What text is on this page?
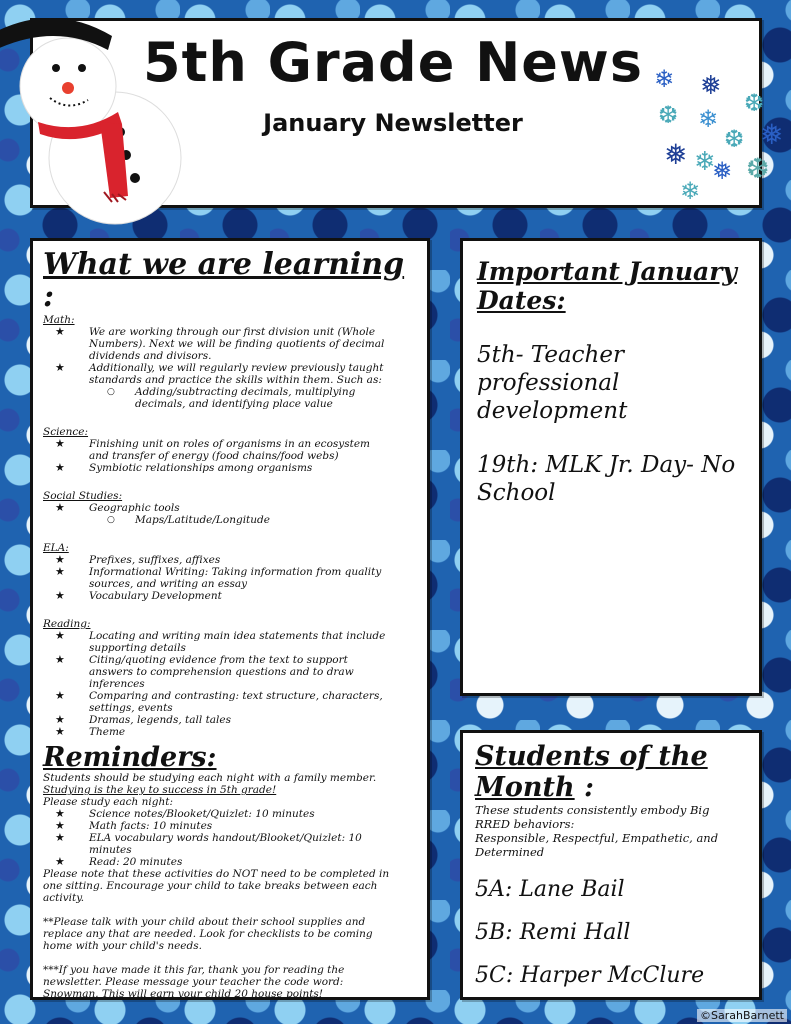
5th Grade News
January Newsletter
❄ ❅
❆
❆ ❄ ❅
❆
❅ ❄
❅ ❆
❄
What we are learning :
Math:
★ We are working through our first division unit (Whole Numbers). Next we will be finding quotients of decimal dividends and divisors.
★ Additionally, we will regularly review previously taught standards and practice the skills within them. Such as:
○ Adding/subtracting decimals, multiplying decimals, and identifying place value
Science:
★ Finishing unit on roles of organisms in an ecosystem and transfer of energy (food chains/food webs)
★ Symbiotic relationships among organisms
Social Studies:
★ Geographic tools
○ Maps/Latitude/Longitude
ELA:
★ Prefixes, suffixes, affixes
★ Informational Writing: Taking information from quality sources, and writing an essay
★ Vocabulary Development
Reading:
★ Locating and writing main idea statements that include supporting details
★ Citing/quoting evidence from the text to support answers to comprehension questions and to draw inferences
★ Comparing and contrasting: text structure, characters, settings, events
★ Dramas, legends, tall tales
★ Theme
Reminders:
Students should be studying each night with a family member.     Studying is the key to success in 5th grade!
Please study each night:
★ Science notes/Blooket/Quizlet: 10 minutes
★ Math facts: 10 minutes
★ ELA vocabulary words handout/Blooket/Quizlet: 10 minutes
★ Read: 20 minutes
Please note that these activities do NOT need to be completed in one sitting. Encourage your child to take breaks between each activity.
**Please talk with your child about their school supplies and replace any that are needed. Look for checklists to be coming home with your child's needs.
***If you have made it this far, thank you for reading the newsletter. Please message your teacher the code word: Snowman. This will earn your child 20 house points!
Important January Dates:
5th- Teacher professional development
19th: MLK Jr. Day- No School
Students of the Month :
These students consistently embody Big RRED behaviors:
Responsible, Respectful, Empathetic, and Determined
5A: Lane Bail
5B: Remi Hall
5C: Harper McClure
©SarahBarnett
